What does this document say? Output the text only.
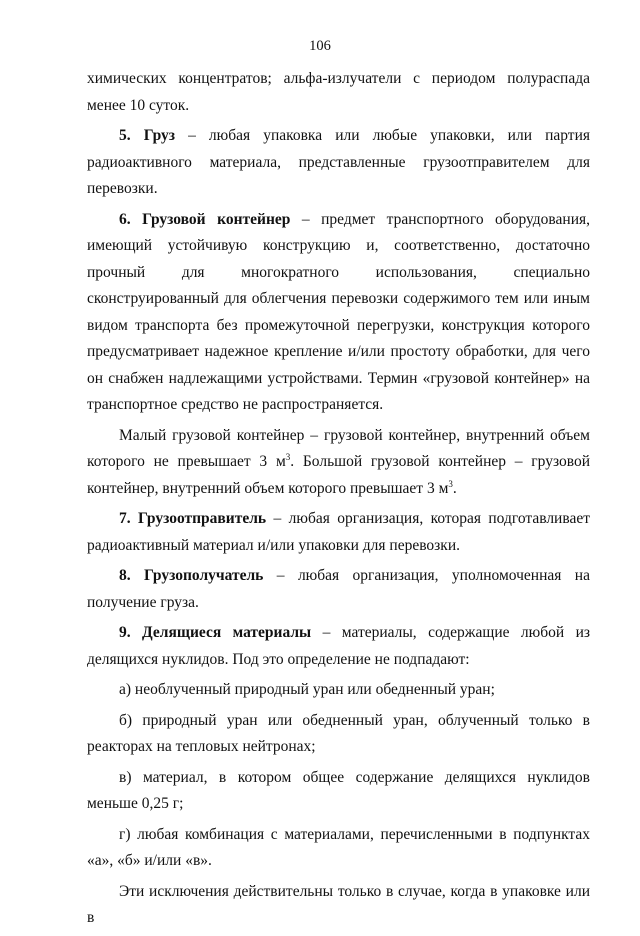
106

химических концентратов; альфа-излучатели с периодом полураспада менее 10 суток.

5. Груз – любая упаковка или любые упаковки, или партия радиоактивного материала, представленные грузоотправителем для перевозки.

6. Грузовой контейнер – предмет транспортного оборудования, имеющий устойчивую конструкцию и, соответственно, достаточно прочный для многократного использования, специально сконструированный для облегчения перевозки содержимого тем или иным видом транспорта без промежуточной перегрузки, конструкция которого предусматривает надежное крепление и/или простоту обработки, для чего он снабжен надлежащими устройствами. Термин «грузовой контейнер» на транспортное средство не распространяется.

Малый грузовой контейнер – грузовой контейнер, внутренний объем которого не превышает 3 $м^3$. Большой грузовой контейнер – грузовой контейнер, внутренний объем которого превышает 3 $м^3$.

7. Грузоотправитель – любая организация, которая подготавливает радиоактивный материал и/или упаковки для перевозки.

8. Грузополучатель – любая организация, уполномоченная на получение груза.

9. Делящиеся материалы – материалы, содержащие любой из делящихся нуклидов. Под это определение не подпадают:

а) необлученный природный уран или обедненный уран;

б) природный уран или обедненный уран, облученный только в реакторах на тепловых нейтронах;

в) материал, в котором общее содержание делящихся нуклидов меньше 0,25 г;

г) любая комбинация с материалами, перечисленными в подпунктах «а», «б» и/или «в».

Эти исключения действительны только в случае, когда в упаковке или в
